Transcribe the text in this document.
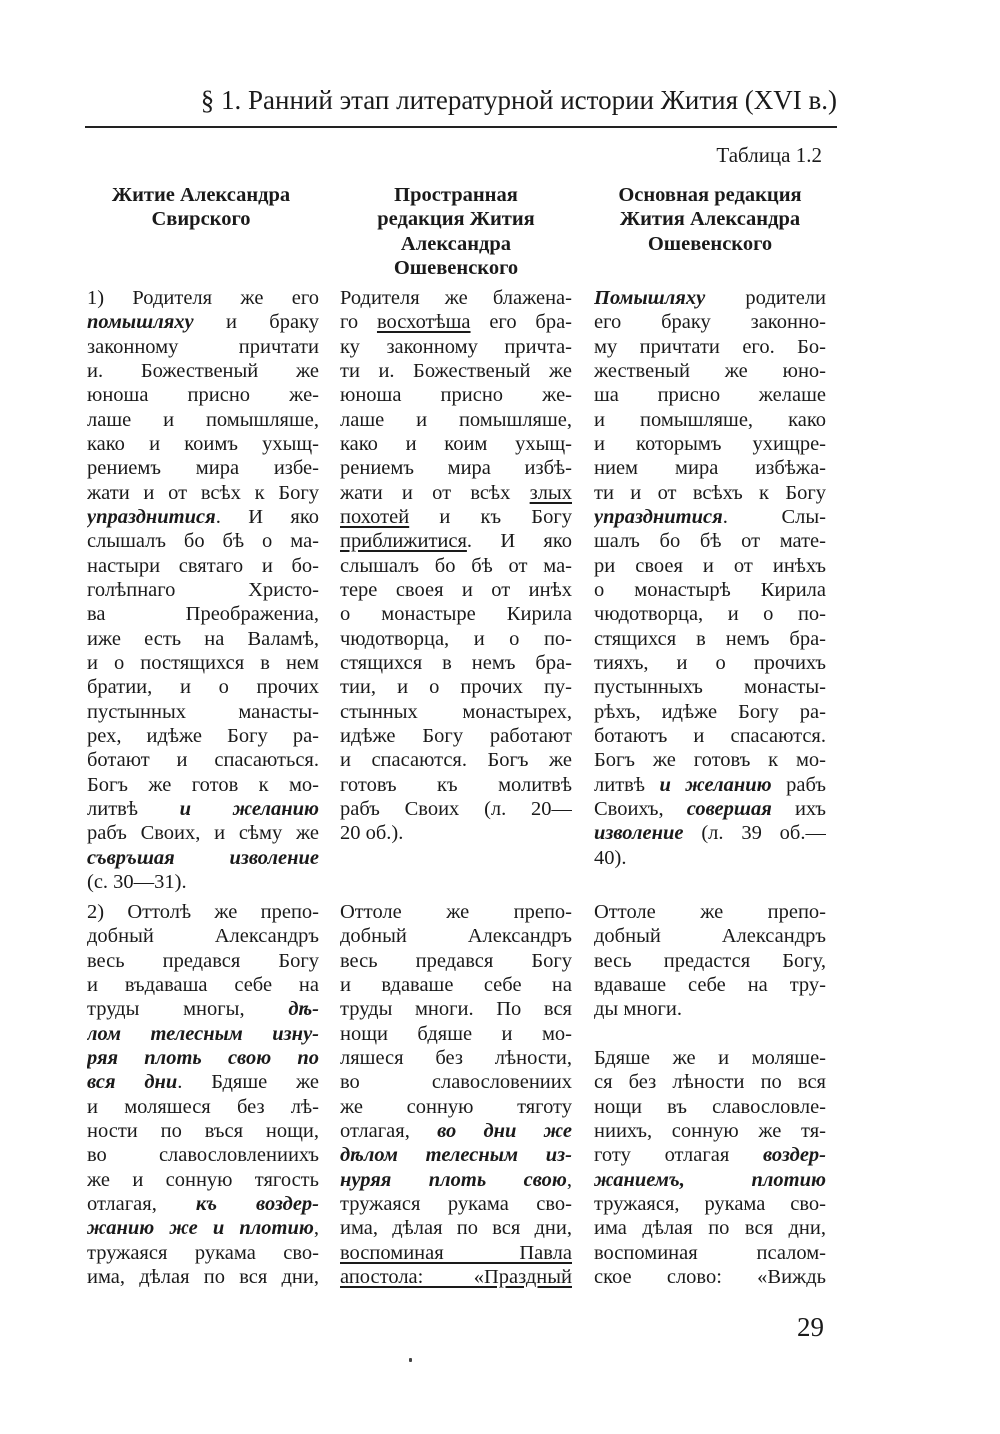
§ 1. Ранний этап литературной истории Жития (XVI в.)
Таблица 1.2
Житие Александра
Свирского
Пространная
редакция Жития
Александра
Ошевенского
Основная редакция
Жития Александра
Ошевенского
1) Родителя же его
помышляху и браку
законному причтати
и. Божественый же
юноша присно же-
лаше и помышляше,
како и коимъ ухыщ-
рениемъ мира избе-
жати и от всѣх к Богу
упразднитися. И яко
слышалъ бо бѣ о ма-
настыри святаго и бо-
голѣпнаго Христо-
ва Преображениа,
иже есть на Валамѣ,
и о постящихся в нем
братии, и о прочих
пустынных манасты-
рех, идѣже Богу ра-
ботают и спасаються.
Богъ же готов к мо-
литвѣ и желанию
рабъ Своих, и сѣму же
съвръшая изволение
(с. 30—31).
Родителя же блажена-
го восхотѣша его бра-
ку законному причта-
ти и. Божественый же
юноша присно же-
лаше и помышляше,
како и коим ухыщ-
рениемъ мира избѣ-
жати и от всѣх злых
похотей и къ Богу
приближитися. И яко
слышалъ бо бѣ от ма-
тере своея и от инѣх
о монастыре Кирила
чюдотворца, и о по-
стящихся в немъ бра-
тии, и о прочих пу-
стынных монастырех,
идѣже Богу работают
и спасаются. Богъ же
готовъ къ молитвѣ
рабъ Своих (л. 20—
20 об.).
Помышляху родители
его браку законно-
му причтати его. Бо-
жественый же юно-
ша присно желаше
и помышляше, како
и которымъ ухищре-
нием мира избѣжа-
ти и от всѣхъ к Богу
упразднитися. Слы-
шалъ бо бѣ от мате-
ри своея и от инѣхъ
о монастырѣ Кирила
чюдотворца, и о по-
стящихся в немъ бра-
тияхъ, и о прочихъ
пустынныхъ монасты-
рѣхъ, идѣже Богу ра-
ботаютъ и спасаются.
Богъ же готовъ к мо-
литвѣ и желанию рабъ
Своихъ, совершая ихъ
изволение (л. 39 об.—
40).
2) Оттолѣ же препо-
добный Александръ
весь предався Богу
и въдаваша себе на
труды многы, дѣ-
лом телесным изну-
ряя плоть свою по
вся дни. Бдяше же
и моляшеся без лѣ-
ности по въся нощи,
во славословлениихъ
же и сонную тягость
отлагая, къ воздер-
жанию же и плотию,
тружаяся рукама сво-
има, дѣлая по вся дни,
Оттоле же препо-
добный Александръ
весь предався Богу
и вдаваше себе на
труды многи. По вся
нощи бдяше и мо-
ляшеся без лѣности,
во славословениих
же сонную тяготу
отлагая, во дни же
дѣлом телесным из-
нуряя плоть свою,
тружаяся рукама сво-
има, дѣлая по вся дни,
воспоминая Павла
апостола: «Праздный
Оттоле же препо-
добный Александръ
весь предастся Богу,
вдаваше себе на тру-
ды многи.
Бдяше же и моляше-
ся без лѣности по вся
нощи въ славословле-
ниихъ, сонную же тя-
готу отлагая воздер-
жаниемъ, плотию
тружаяся, рукама сво-
има дѣлая по вся дни,
воспоминая псалом-
ское слово: «Виждь
29
